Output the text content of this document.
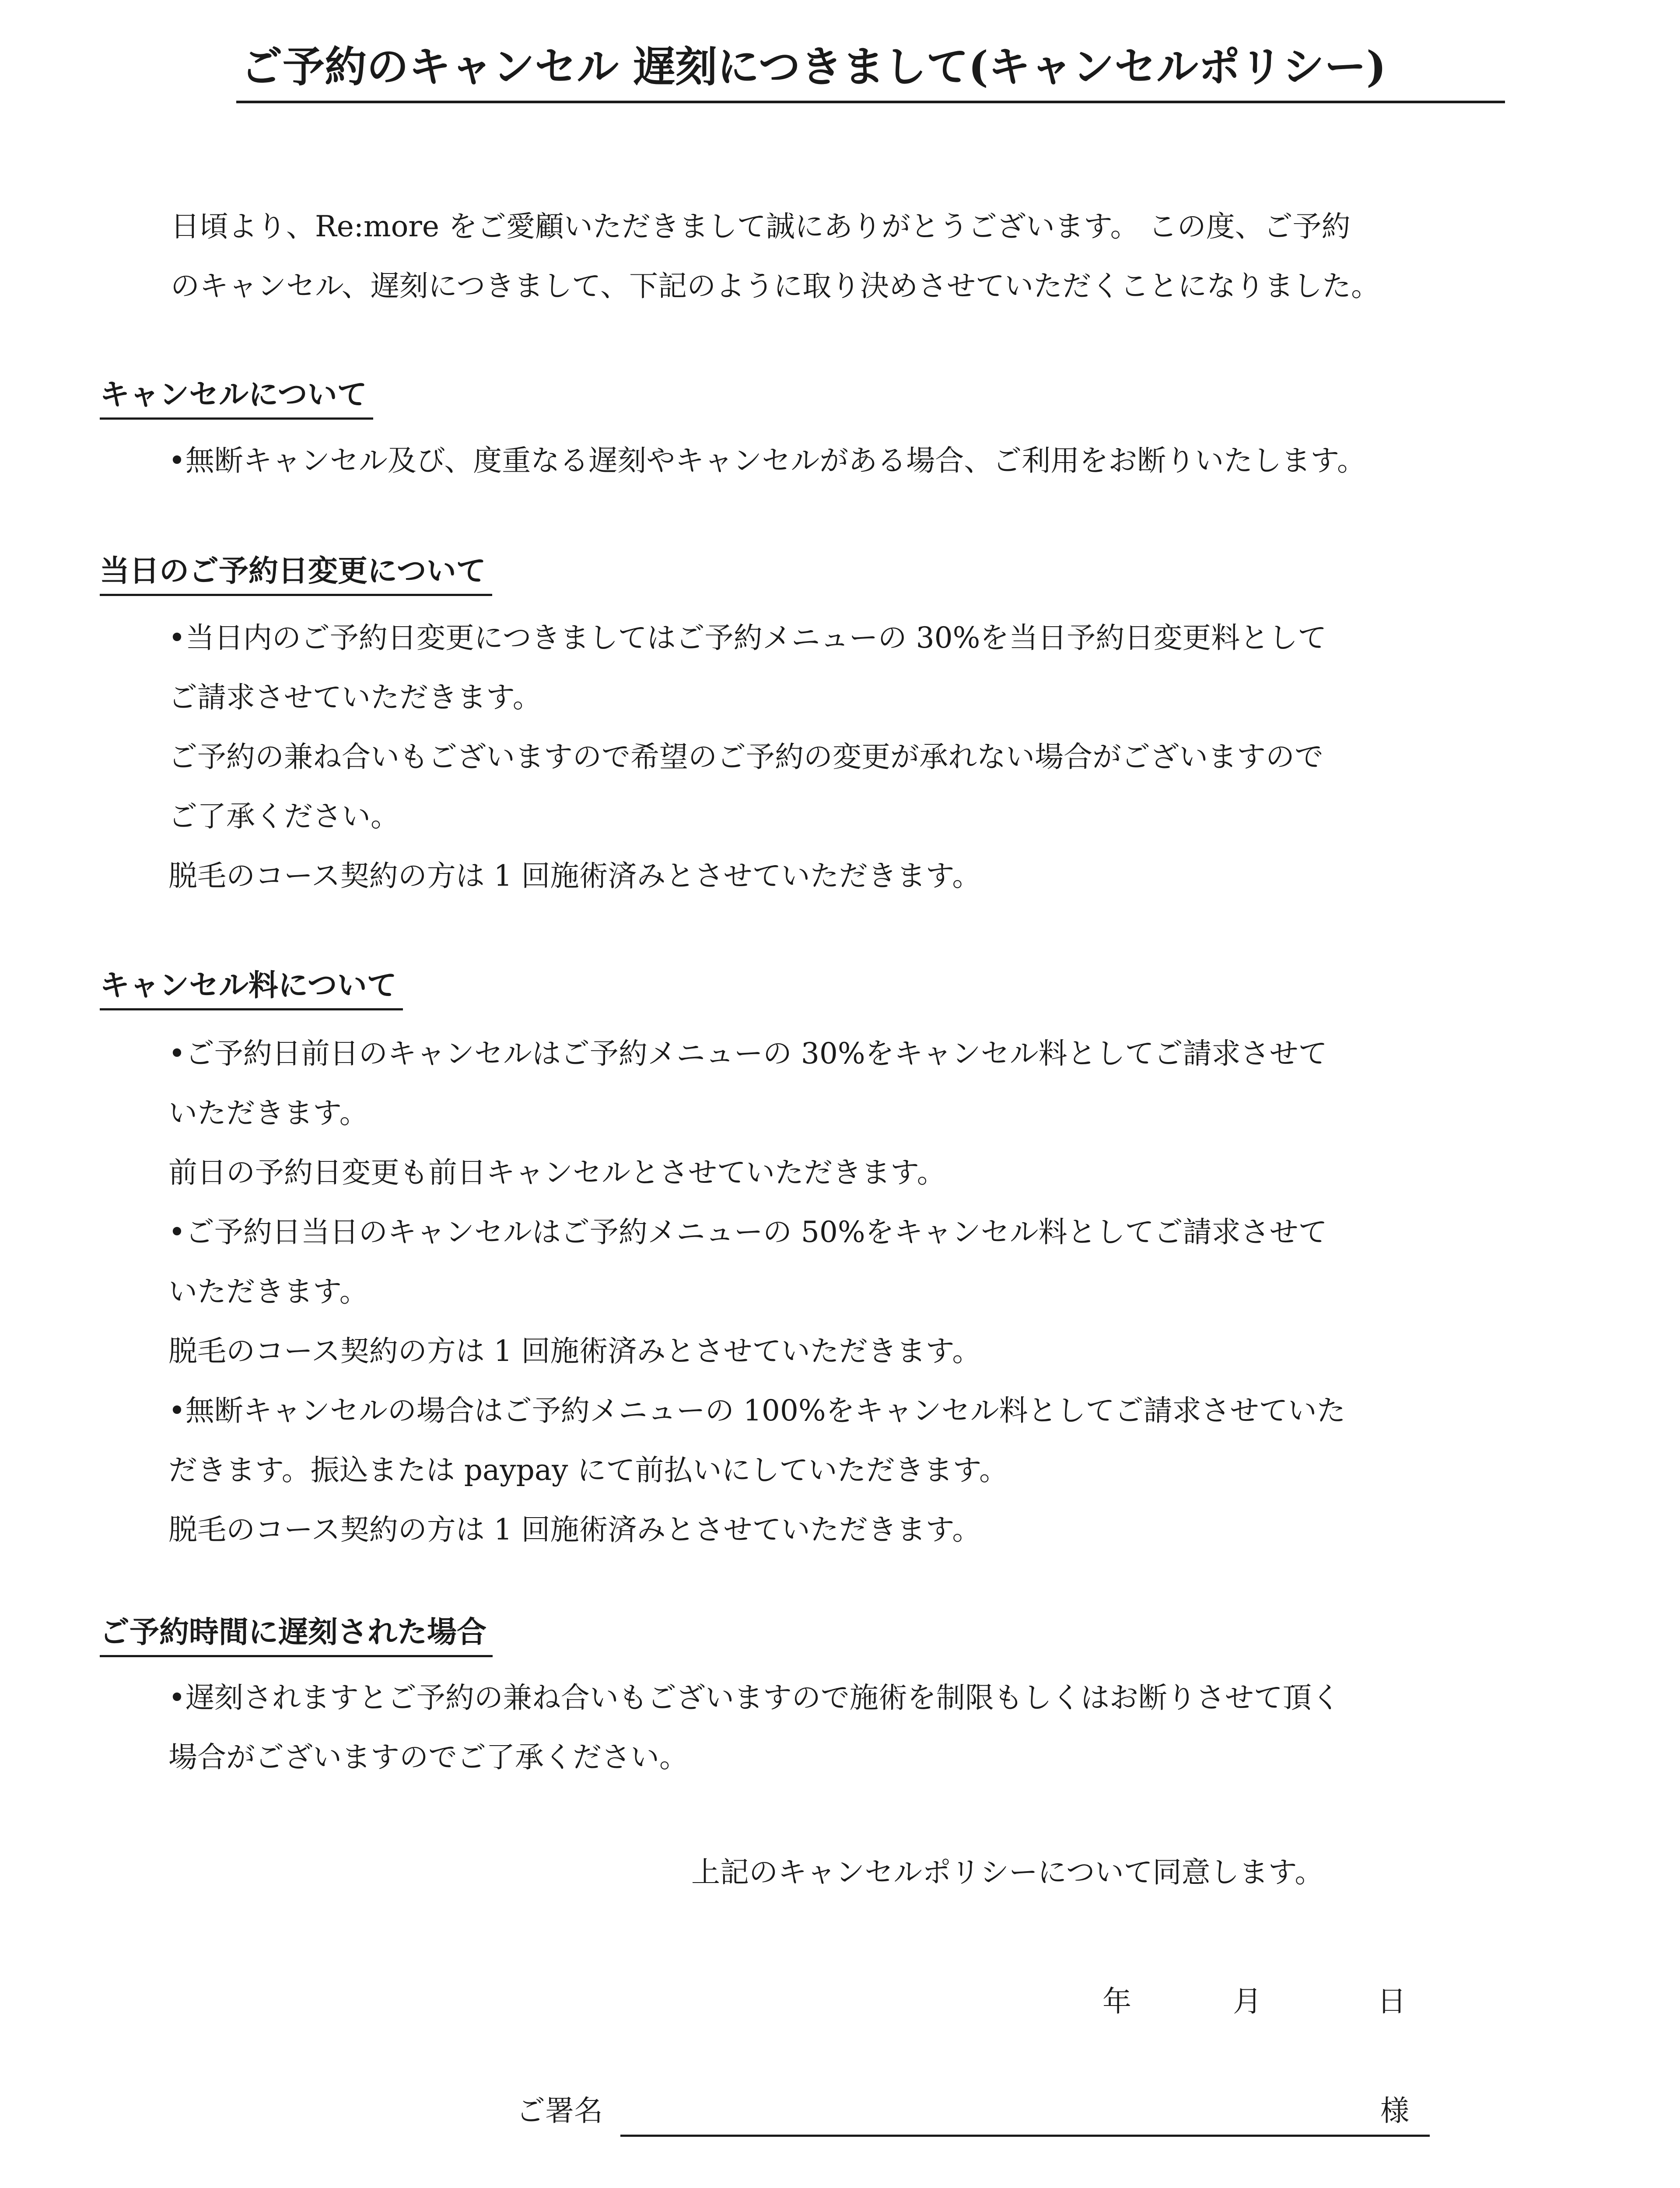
ご予約のキャンセル 遅刻につきまして(キャンセルポリシー)

日頃より、Re:more をご愛顧いただきまして誠にありがとうございます。 この度、ご予約

のキャンセル、遅刻につきまして、下記のように取り決めさせていただくことになりました。

キャンセルについて

•無断キャンセル及び、度重なる遅刻やキャンセルがある場合、ご利用をお断りいたします。

当日のご予約日変更について

•当日内のご予約日変更につきましてはご予約メニューの 30%を当日予約日変更料として

ご請求させていただきます。

ご予約の兼ね合いもございますので希望のご予約の変更が承れない場合がございますので

ご了承ください。

脱毛のコース契約の方は 1 回施術済みとさせていただきます。

キャンセル料について

•ご予約日前日のキャンセルはご予約メニューの 30%をキャンセル料としてご請求させて

いただきます。

前日の予約日変更も前日キャンセルとさせていただきます。

•ご予約日当日のキャンセルはご予約メニューの 50%をキャンセル料としてご請求させて

いただきます。

脱毛のコース契約の方は 1 回施術済みとさせていただきます。

•無断キャンセルの場合はご予約メニューの 100%をキャンセル料としてご請求させていた

だきます。振込または paypay にて前払いにしていただきます。

脱毛のコース契約の方は 1 回施術済みとさせていただきます。

ご予約時間に遅刻された場合

•遅刻されますとご予約の兼ね合いもございますので施術を制限もしくはお断りさせて頂く

場合がございますのでご了承ください。

上記のキャンセルポリシーについて同意します。
年	月	日
ご署名	様
